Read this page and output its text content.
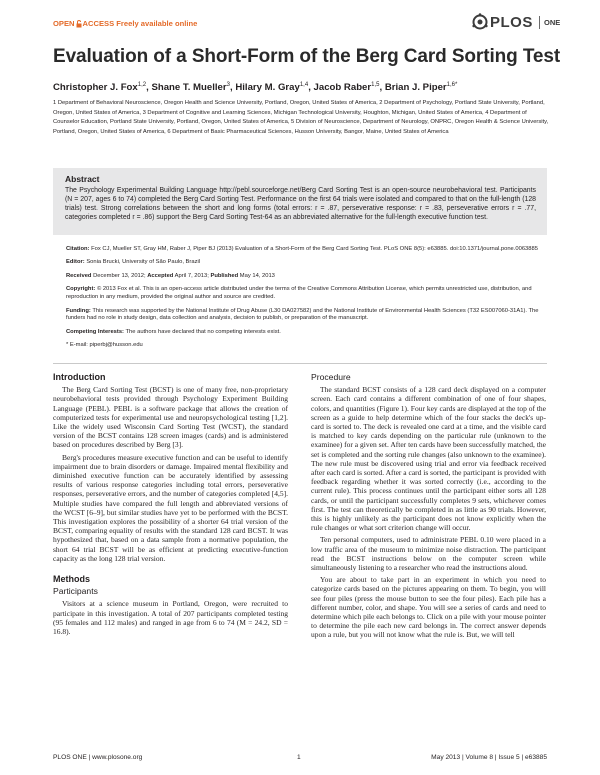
OPEN ACCESS Freely available online	PLOS ONE
Evaluation of a Short-Form of the Berg Card Sorting Test
Christopher J. Fox$^{1,2}$, Shane T. Mueller$^3$, Hilary M. Gray$^{1,4}$, Jacob Raber$^{1,5}$, Brian J. Piper$^{1,6*}$

1 Department of Behavioral Neuroscience, Oregon Health and Science University, Portland, Oregon, United States of America, 2 Department of Psychology, Portland State University, Portland, Oregon, United States of America, 3 Department of Cognitive and Learning Sciences, Michigan Technological University, Houghton, Michigan, United States of America, 4 Department of Counselor Education, Portland State University, Portland, Oregon, United States of America, 5 Division of Neuroscience, Department of Neurology, ONPRC, Oregon Health & Science University, Portland, Oregon, United States of America, 6 Department of Basic Pharmaceutical Sciences, Husson University, Bangor, Maine, United States of America

Abstract

The Psychology Experimental Building Language http://pebl.sourceforge.net/Berg Card Sorting Test is an open-source neurobehavioral test. Participants (N = 207, ages 6 to 74) completed the Berg Card Sorting Test. Performance on the first 64 trials were isolated and compared to that on the full-length (128 trials) test. Strong correlations between the short and long forms (total errors: r = .87, perseverative response: r = .83, perseverative errors r = .77, categories completed r = .86) support the Berg Card Sorting Test-64 as an abbreviated alternative for the full-length executive function test.

Citation: Fox CJ, Mueller ST, Gray HM, Raber J, Piper BJ (2013) Evaluation of a Short-Form of the Berg Card Sorting Test. PLoS ONE 8(5): e63885. doi:10.1371/journal.pone.0063885
Editor: Sonia Brucki, University of São Paulo, Brazil
Received December 13, 2012; Accepted April 7, 2013; Published May 14, 2013
Copyright: © 2013 Fox et al. This is an open-access article distributed under the terms of the Creative Commons Attribution License, which permits unrestricted use, distribution, and reproduction in any medium, provided the original author and source are credited.
Funding: This research was supported by the National Institute of Drug Abuse (L30 DA027582) and the National Institute of Environmental Health Sciences (T32 ES007060-31A1). The funders had no role in study design, data collection and analysis, decision to publish, or preparation of the manuscript.
Competing Interests: The authors have declared that no competing interests exist.
* E-mail: piperbj@husson.edu
Introduction

The Berg Card Sorting Test (BCST) is one of many free, non-proprietary neurobehavioral tests provided through Psychology Experiment Building Language (PEBL). PEBL is a software package that allows the creation of computerized tests for experimental use and neuropsychological testing [1,2]. Like the widely used Wisconsin Card Sorting Test (WCST), the standard version of the BCST contains 128 screen images (cards) and is administered based on procedures described by Berg [3].

Berg's procedures measure executive function and can be useful to identify impairment due to brain disorders or damage. Impaired mental flexibility and diminished executive function can be accurately identified by assessing results of various response categories including total errors, perseverative responses, perseverative errors, and the number of categories completed [4,5]. Multiple studies have compared the full length and abbreviated versions of the WCST [6–9], but similar studies have yet to be performed with the BCST. This investigation explores the possibility of a shorter 64 trial version of the BCST, comparing equality of results with the standard 128 card BCST. It was hypothesized that, based on a data sample from a normative population, the short 64 trial BCST will be as efficient at predicting executive-function capacity as the long 128 trial version.

Methods
Participants

Visitors at a science museum in Portland, Oregon, were recruited to participate in this investigation. A total of 207 participants completed testing (95 females and 112 males) and ranged in age from 6 to 74 (M = 24.2, SD = 16.8).

Procedure

The standard BCST consists of a 128 card deck displayed on a computer screen. Each card contains a different combination of one of four shapes, colors, and quantities (Figure 1). Four key cards are displayed at the top of the screen as a guide to help determine which of the four stacks the deck's up-card is sorted to. The deck is revealed one card at a time, and the visible card is matched to key cards depending on the particular rule (unknown to the examinee) for a given set. After ten cards have been successfully matched, the set is completed and the sorting rule changes (also unknown to the examinee). The new rule must be discovered using trial and error via feedback received after each card is sorted. After a card is sorted, the participant is provided with feedback regarding whether it was sorted correctly (i.e., according to the current rule). This process continues until the participant either sorts all 128 cards, or until the participant successfully completes 9 sets, whichever comes first. The test can theoretically be completed in as little as 90 trials. However, this is highly unlikely as the participant does not know explicitly when the rule changes or what sort criterion change will occur.

Ten personal computers, used to administrate PEBL 0.10 were placed in a low traffic area of the museum to minimize noise distraction. The participant read the BCST instructions below on the computer screen while simultaneously listening to a researcher who read the instructions aloud.

You are about to take part in an experiment in which you need to categorize cards based on the pictures appearing on them. To begin, you will see four piles (press the mouse button to see the four piles). Each pile has a different number, color, and shape. You will see a series of cards and need to determine which pile each belongs to. Click on a pile with your mouse pointer to determine the pile each new card belongs in. The correct answer depends upon a rule, but you will not know what the rule is. But, we will tell

PLOS ONE | www.plosone.org	1	May 2013 | Volume 8 | Issue 5 | e63885
